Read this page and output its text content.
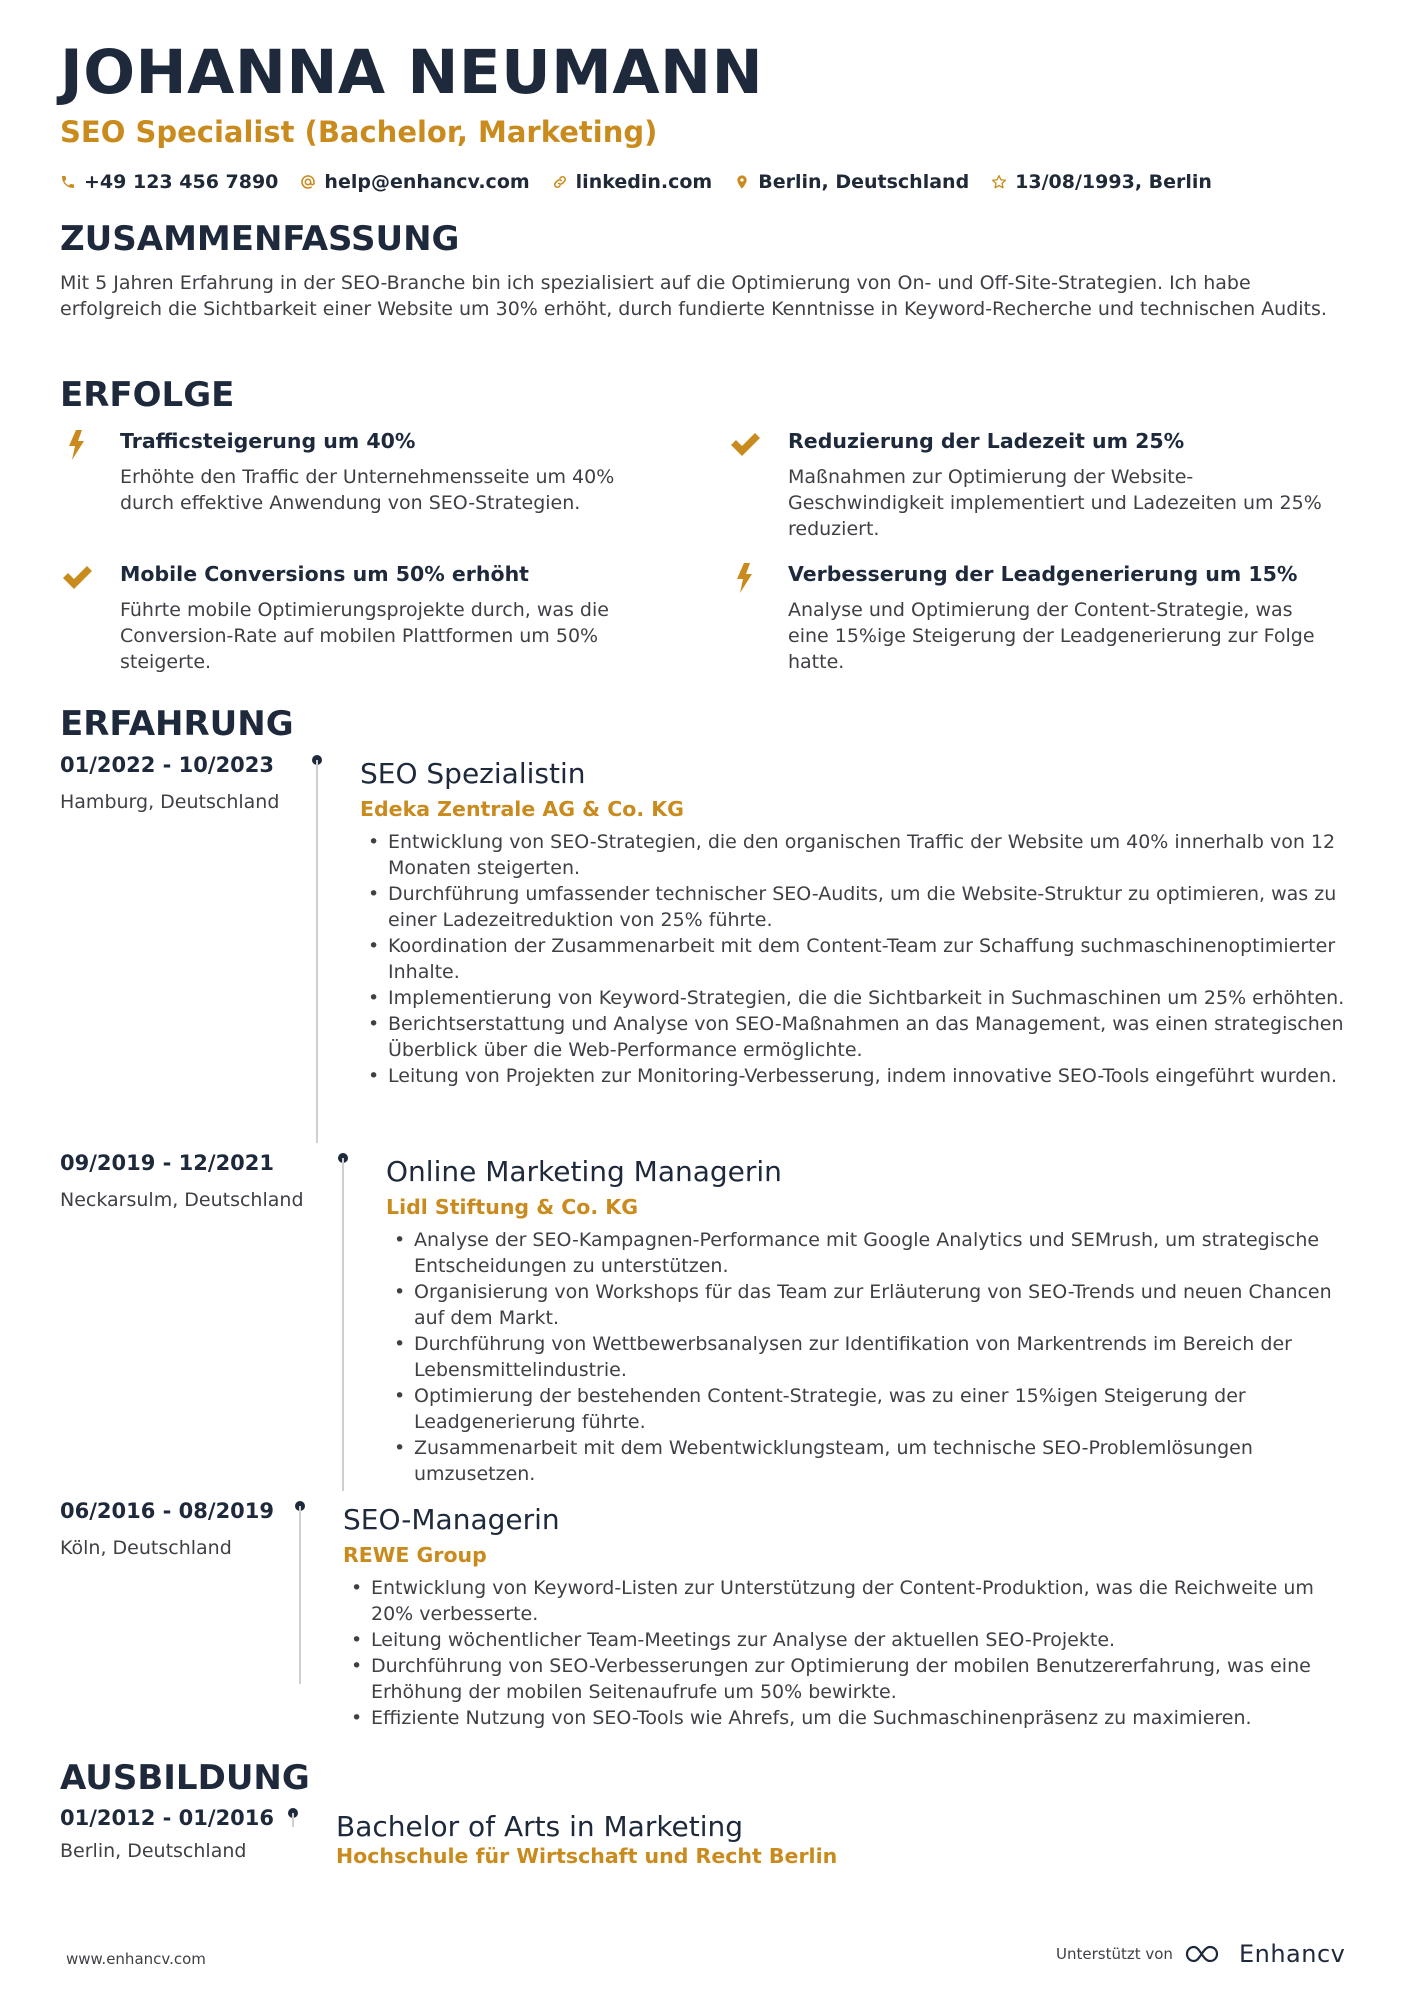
JOHANNA NEUMANN
SEO Specialist (Bachelor, Marketing)
+49 123 456 7890 help@enhancv.com linkedin.com Berlin, Deutschland 13/08/1993, Berlin
ZUSAMMENFASSUNG
Mit 5 Jahren Erfahrung in der SEO-Branche bin ich spezialisiert auf die Optimierung von On- und Off-Site-Strategien. Ich habe erfolgreich die Sichtbarkeit einer Website um 30% erhöht, durch fundierte Kenntnisse in Keyword-Recherche und technischen Audits.
ERFOLGE
Trafficsteigerung um 40%
Erhöhte den Traffic der Unternehmensseite um 40% durch effektive Anwendung von SEO-Strategien.
Reduzierung der Ladezeit um 25%
Maßnahmen zur Optimierung der Website-Geschwindigkeit implementiert und Ladezeiten um 25% reduziert.
Mobile Conversions um 50% erhöht
Führte mobile Optimierungsprojekte durch, was die Conversion-Rate auf mobilen Plattformen um 50% steigerte.
Verbesserung der Leadgenerierung um 15%
Analyse und Optimierung der Content-Strategie, was eine 15%ige Steigerung der Leadgenerierung zur Folge hatte.
ERFAHRUNG
01/2022 - 10/2023
Hamburg, Deutschland
SEO Spezialistin
Edeka Zentrale AG & Co. KG
• Entwicklung von SEO-Strategien, die den organischen Traffic der Website um 40% innerhalb von 12 Monaten steigerten.
• Durchführung umfassender technischer SEO-Audits, um die Website-Struktur zu optimieren, was zu einer Ladezeitreduktion von 25% führte.
• Koordination der Zusammenarbeit mit dem Content-Team zur Schaffung suchmaschinenoptimierter Inhalte.
• Implementierung von Keyword-Strategien, die die Sichtbarkeit in Suchmaschinen um 25% erhöhten.
• Berichtserstattung und Analyse von SEO-Maßnahmen an das Management, was einen strategischen Überblick über die Web-Performance ermöglichte.
• Leitung von Projekten zur Monitoring-Verbesserung, indem innovative SEO-Tools eingeführt wurden.
09/2019 - 12/2021
Neckarsulm, Deutschland
Online Marketing Managerin
Lidl Stiftung & Co. KG
• Analyse der SEO-Kampagnen-Performance mit Google Analytics und SEMrush, um strategische Entscheidungen zu unterstützen.
• Organisierung von Workshops für das Team zur Erläuterung von SEO-Trends und neuen Chancen auf dem Markt.
• Durchführung von Wettbewerbsanalysen zur Identifikation von Markentrends im Bereich der Lebensmittelindustrie.
• Optimierung der bestehenden Content-Strategie, was zu einer 15%igen Steigerung der Leadgenerierung führte.
• Zusammenarbeit mit dem Webentwicklungsteam, um technische SEO-Problemlösungen umzusetzen.
06/2016 - 08/2019
Köln, Deutschland
SEO-Managerin
REWE Group
• Entwicklung von Keyword-Listen zur Unterstützung der Content-Produktion, was die Reichweite um 20% verbesserte.
• Leitung wöchentlicher Team-Meetings zur Analyse der aktuellen SEO-Projekte.
• Durchführung von SEO-Verbesserungen zur Optimierung der mobilen Benutzererfahrung, was eine Erhöhung der mobilen Seitenaufrufe um 50% bewirkte.
• Effiziente Nutzung von SEO-Tools wie Ahrefs, um die Suchmaschinenpräsenz zu maximieren.
AUSBILDUNG
01/2012 - 01/2016
Berlin, Deutschland
Bachelor of Arts in Marketing
Hochschule für Wirtschaft und Recht Berlin
www.enhancv.com	Unterstützt von	Enhancv
